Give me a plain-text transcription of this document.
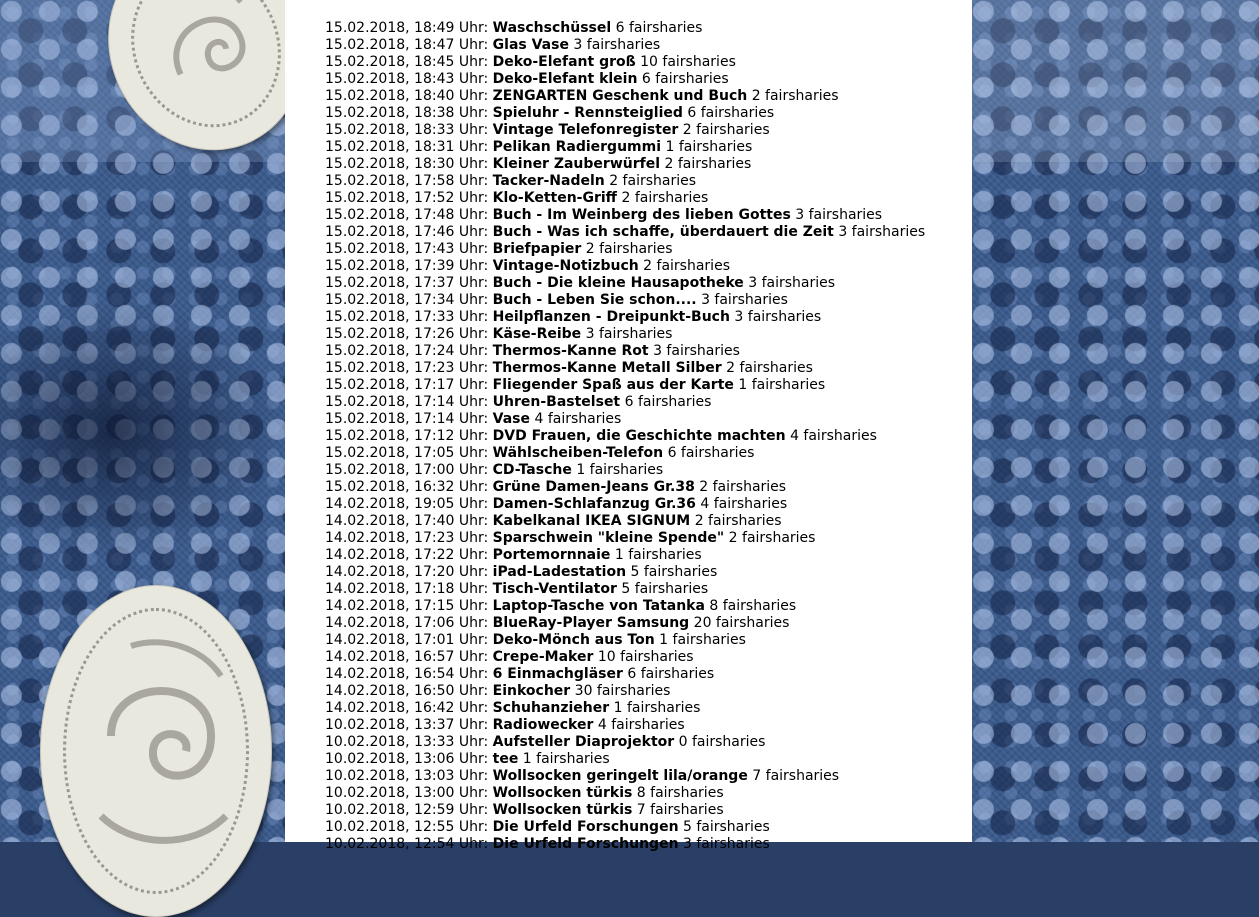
15.02.2018, 18:49 Uhr: Waschschüssel 6 fairsharies
15.02.2018, 18:47 Uhr: Glas Vase 3 fairsharies
15.02.2018, 18:45 Uhr: Deko-Elefant groß 10 fairsharies
15.02.2018, 18:43 Uhr: Deko-Elefant klein 6 fairsharies
15.02.2018, 18:40 Uhr: ZENGARTEN Geschenk und Buch 2 fairsharies
15.02.2018, 18:38 Uhr: Spieluhr - Rennsteiglied 6 fairsharies
15.02.2018, 18:33 Uhr: Vintage Telefonregister 2 fairsharies
15.02.2018, 18:31 Uhr: Pelikan Radiergummi 1 fairsharies
15.02.2018, 18:30 Uhr: Kleiner Zauberwürfel 2 fairsharies
15.02.2018, 17:58 Uhr: Tacker-Nadeln 2 fairsharies
15.02.2018, 17:52 Uhr: Klo-Ketten-Griff 2 fairsharies
15.02.2018, 17:48 Uhr: Buch - Im Weinberg des lieben Gottes 3 fairsharies
15.02.2018, 17:46 Uhr: Buch - Was ich schaffe, überdauert die Zeit 3 fairsharies
15.02.2018, 17:43 Uhr: Briefpapier 2 fairsharies
15.02.2018, 17:39 Uhr: Vintage-Notizbuch 2 fairsharies
15.02.2018, 17:37 Uhr: Buch - Die kleine Hausapotheke 3 fairsharies
15.02.2018, 17:34 Uhr: Buch - Leben Sie schon.... 3 fairsharies
15.02.2018, 17:33 Uhr: Heilpflanzen - Dreipunkt-Buch 3 fairsharies
15.02.2018, 17:26 Uhr: Käse-Reibe 3 fairsharies
15.02.2018, 17:24 Uhr: Thermos-Kanne Rot 3 fairsharies
15.02.2018, 17:23 Uhr: Thermos-Kanne Metall Silber 2 fairsharies
15.02.2018, 17:17 Uhr: Fliegender Spaß aus der Karte 1 fairsharies
15.02.2018, 17:14 Uhr: Uhren-Bastelset 6 fairsharies
15.02.2018, 17:14 Uhr: Vase 4 fairsharies
15.02.2018, 17:12 Uhr: DVD Frauen, die Geschichte machten 4 fairsharies
15.02.2018, 17:05 Uhr: Wählscheiben-Telefon 6 fairsharies
15.02.2018, 17:00 Uhr: CD-Tasche 1 fairsharies
15.02.2018, 16:32 Uhr: Grüne Damen-Jeans Gr.38 2 fairsharies
14.02.2018, 19:05 Uhr: Damen-Schlafanzug Gr.36 4 fairsharies
14.02.2018, 17:40 Uhr: Kabelkanal IKEA SIGNUM 2 fairsharies
14.02.2018, 17:23 Uhr: Sparschwein "kleine Spende" 2 fairsharies
14.02.2018, 17:22 Uhr: Portemornnaie 1 fairsharies
14.02.2018, 17:20 Uhr: iPad-Ladestation 5 fairsharies
14.02.2018, 17:18 Uhr: Tisch-Ventilator 5 fairsharies
14.02.2018, 17:15 Uhr: Laptop-Tasche von Tatanka 8 fairsharies
14.02.2018, 17:06 Uhr: BlueRay-Player Samsung 20 fairsharies
14.02.2018, 17:01 Uhr: Deko-Mönch aus Ton 1 fairsharies
14.02.2018, 16:57 Uhr: Crepe-Maker 10 fairsharies
14.02.2018, 16:54 Uhr: 6 Einmachgläser 6 fairsharies
14.02.2018, 16:50 Uhr: Einkocher 30 fairsharies
14.02.2018, 16:42 Uhr: Schuhanzieher 1 fairsharies
10.02.2018, 13:37 Uhr: Radiowecker 4 fairsharies
10.02.2018, 13:33 Uhr: Aufsteller Diaprojektor 0 fairsharies
10.02.2018, 13:06 Uhr: tee 1 fairsharies
10.02.2018, 13:03 Uhr: Wollsocken geringelt lila/orange 7 fairsharies
10.02.2018, 13:00 Uhr: Wollsocken türkis 8 fairsharies
10.02.2018, 12:59 Uhr: Wollsocken türkis 7 fairsharies
10.02.2018, 12:55 Uhr: Die Urfeld Forschungen 5 fairsharies
10.02.2018, 12:54 Uhr: Die Urfeld Forschungen 3 fairsharies
